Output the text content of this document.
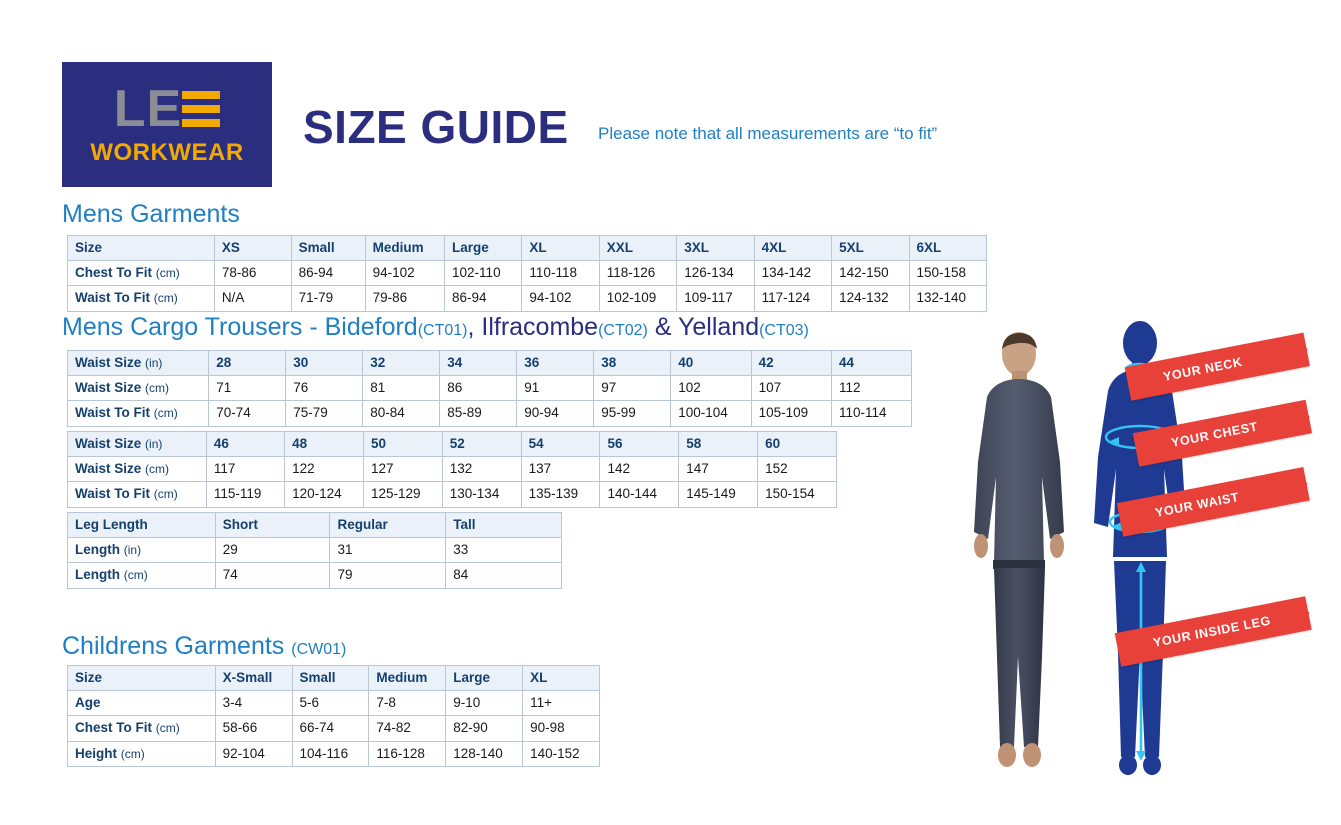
LE
WORKWEAR SIZE GUIDE Please note that all measurements are “to fit”
Mens Garments
Size	XS	Small	Medium	Large	XL	XXL	3XL	4XL	5XL	6XL
Chest To Fit (cm)	78-86	86-94	94-102	102-110	110-118	118-126	126-134	134-142	142-150	150-158
Waist To Fit (cm)	N/A	71-79	79-86	86-94	94-102	102-109	109-117	117-124	124-132	132-140
Mens Cargo Trousers - Bideford(CT01), Ilfracombe(CT02) & Yelland(CT03)
Waist Size (in)	28	30	32	34	36	38	40	42	44
Waist Size (cm)	71	76	81	86	91	97	102	107	112
Waist To Fit (cm)	70-74	75-79	80-84	85-89	90-94	95-99	100-104	105-109	110-114
Waist Size (in)	46	48	50	52	54	56	58	60
Waist Size (cm)	117	122	127	132	137	142	147	152
Waist To Fit (cm)	115-119	120-124	125-129	130-134	135-139	140-144	145-149	150-154
Leg Length	Short	Regular	Tall
Length (in)	29	31	33
Length (cm)	74	79	84
Childrens Garments (CW01)
Size	X-Small	Small	Medium	Large	XL
Age	3-4	5-6	7-8	9-10	11+
Chest To Fit (cm)	58-66	66-74	74-82	82-90	90-98
Height (cm)	92-104	104-116	116-128	128-140	140-152
YOUR NECK
YOUR CHEST
YOUR WAIST
YOUR INSIDE LEG
